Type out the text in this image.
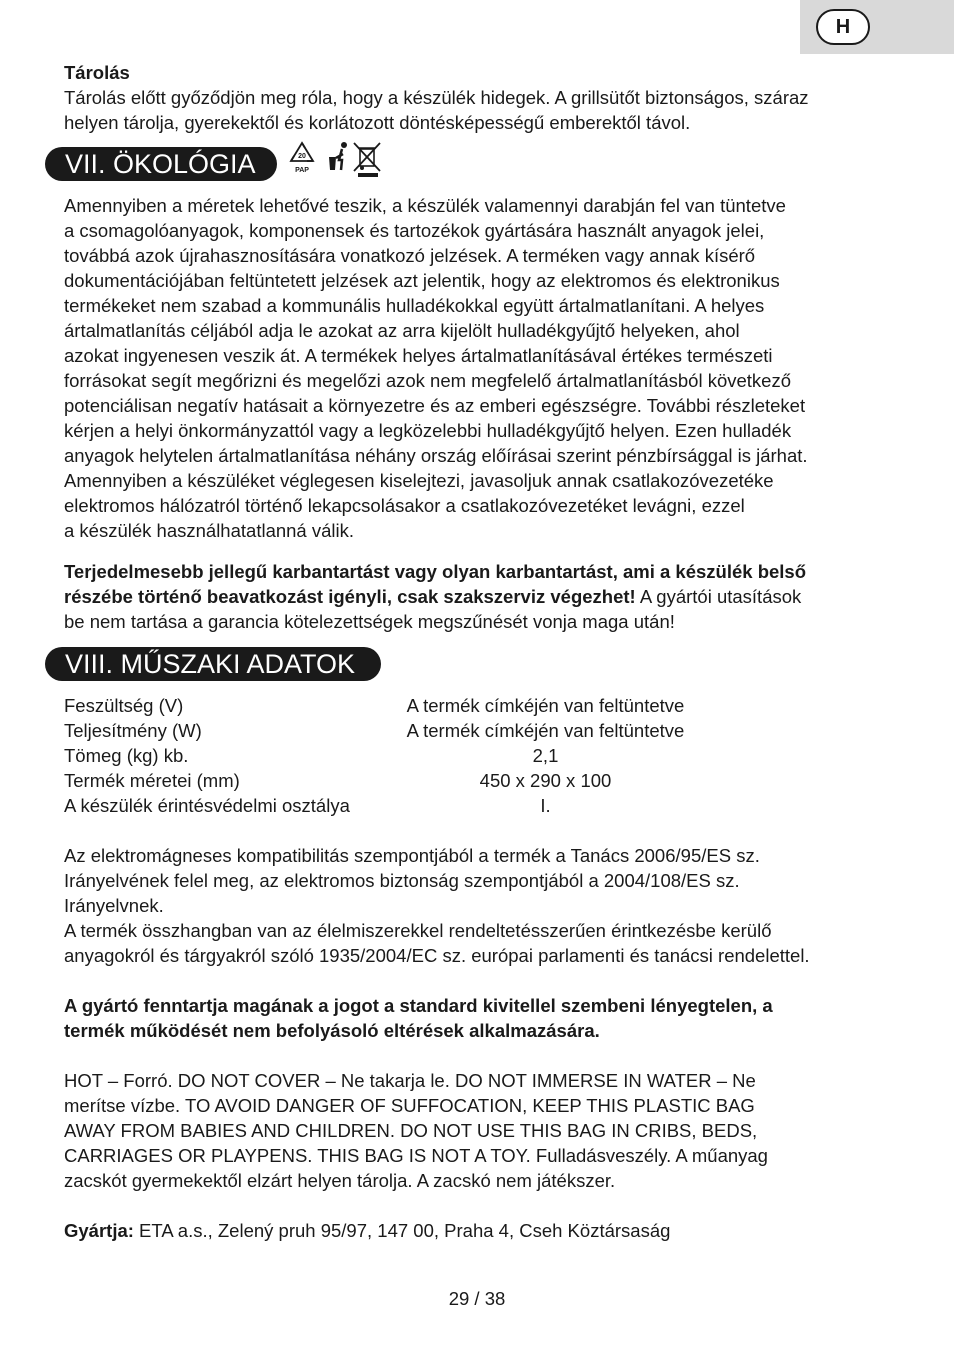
H

Tárolás

Tárolás előtt győződjön meg róla, hogy a készülék hidegek. A grillsütőt biztonságos, száraz

helyen tárolja, gyerekektől és korlátozott döntésképességű emberektől távol.

VII. ÖKOLÓGIA	20
PAP

Amennyiben a méretek lehetővé teszik, a készülék valamennyi darabján fel van tüntetve

a csomagolóanyagok, komponensek és tartozékok gyártására használt anyagok jelei,

továbbá azok újrahasznosítására vonatkozó jelzések. A terméken vagy annak kísérő

dokumentációjában feltüntetett jelzések azt jelentik, hogy az elektromos és elektronikus

termékeket nem szabad a kommunális hulladékokkal együtt ártalmatlanítani. A helyes

ártalmatlanítás céljából adja le azokat az arra kijelölt hulladékgyűjtő helyeken, ahol

azokat ingyenesen veszik át. A termékek helyes ártalmatlanításával értékes természeti

forrásokat segít megőrizni és megelőzi azok nem megfelelő ártalmatlanításból következő

potenciálisan negatív hatásait a környezetre és az emberi egészségre. További részleteket

kérjen a helyi önkormányzattól vagy a legközelebbi hulladékgyűjtő helyen. Ezen hulladék

anyagok helytelen ártalmatlanítása néhány ország előírásai szerint pénzbírsággal is járhat.

Amennyiben a készüléket véglegesen kiselejtezi, javasoljuk annak csatlakozóvezetéke

elektromos hálózatról történő lekapcsolásakor a csatlakozóvezetéket levágni, ezzel

a készülék használhatatlanná válik.

Terjedelmesebb jellegű karbantartást vagy olyan karbantartást, ami a készülék belső

részébe történő beavatkozást igényli, csak szakszerviz végezhet! A gyártói utasítások

be nem tartása a garancia kötelezettségek megszűnését vonja maga után!

VIII. MŰSZAKI ADATOK
Feszültség (V)	A termék címkéjén van feltüntetve
Teljesítmény (W)	A termék címkéjén van feltüntetve
Tömeg (kg) kb.	2,1
Termék méretei (mm)	450 x 290 x 100
A készülék érintésvédelmi osztálya	I.

Az elektromágneses kompatibilitás szempontjából a termék a Tanács 2006/95/ES sz.

Irányelvének felel meg, az elektromos biztonság szempontjából a 2004/108/ES sz.

Irányelvnek.

A termék összhangban van az élelmiszerekkel rendeltetésszerűen érintkezésbe kerülő

anyagokról és tárgyakról szóló 1935/2004/EC sz. európai parlamenti és tanácsi rendelettel.

A gyártó fenntartja magának a jogot a standard kivitellel szembeni lényegtelen, a

termék működését nem befolyásoló eltérések alkalmazására.

HOT – Forró. DO NOT COVER – Ne takarja le. DO NOT IMMERSE IN WATER – Ne

merítse vízbe. TO AVOID DANGER OF SUFFOCATION, KEEP THIS PLASTIC BAG

AWAY FROM BABIES AND CHILDREN. DO NOT USE THIS BAG IN CRIBS, BEDS,

CARRIAGES OR PLAYPENS. THIS BAG IS NOT A TOY. Fulladásveszély. A műanyag

zacskót gyermekektől elzárt helyen tárolja. A zacskó nem játékszer.

Gyártja: ETA a.s., Zelený pruh 95/97, 147 00, Praha 4, Cseh Köztársaság

29 / 38
